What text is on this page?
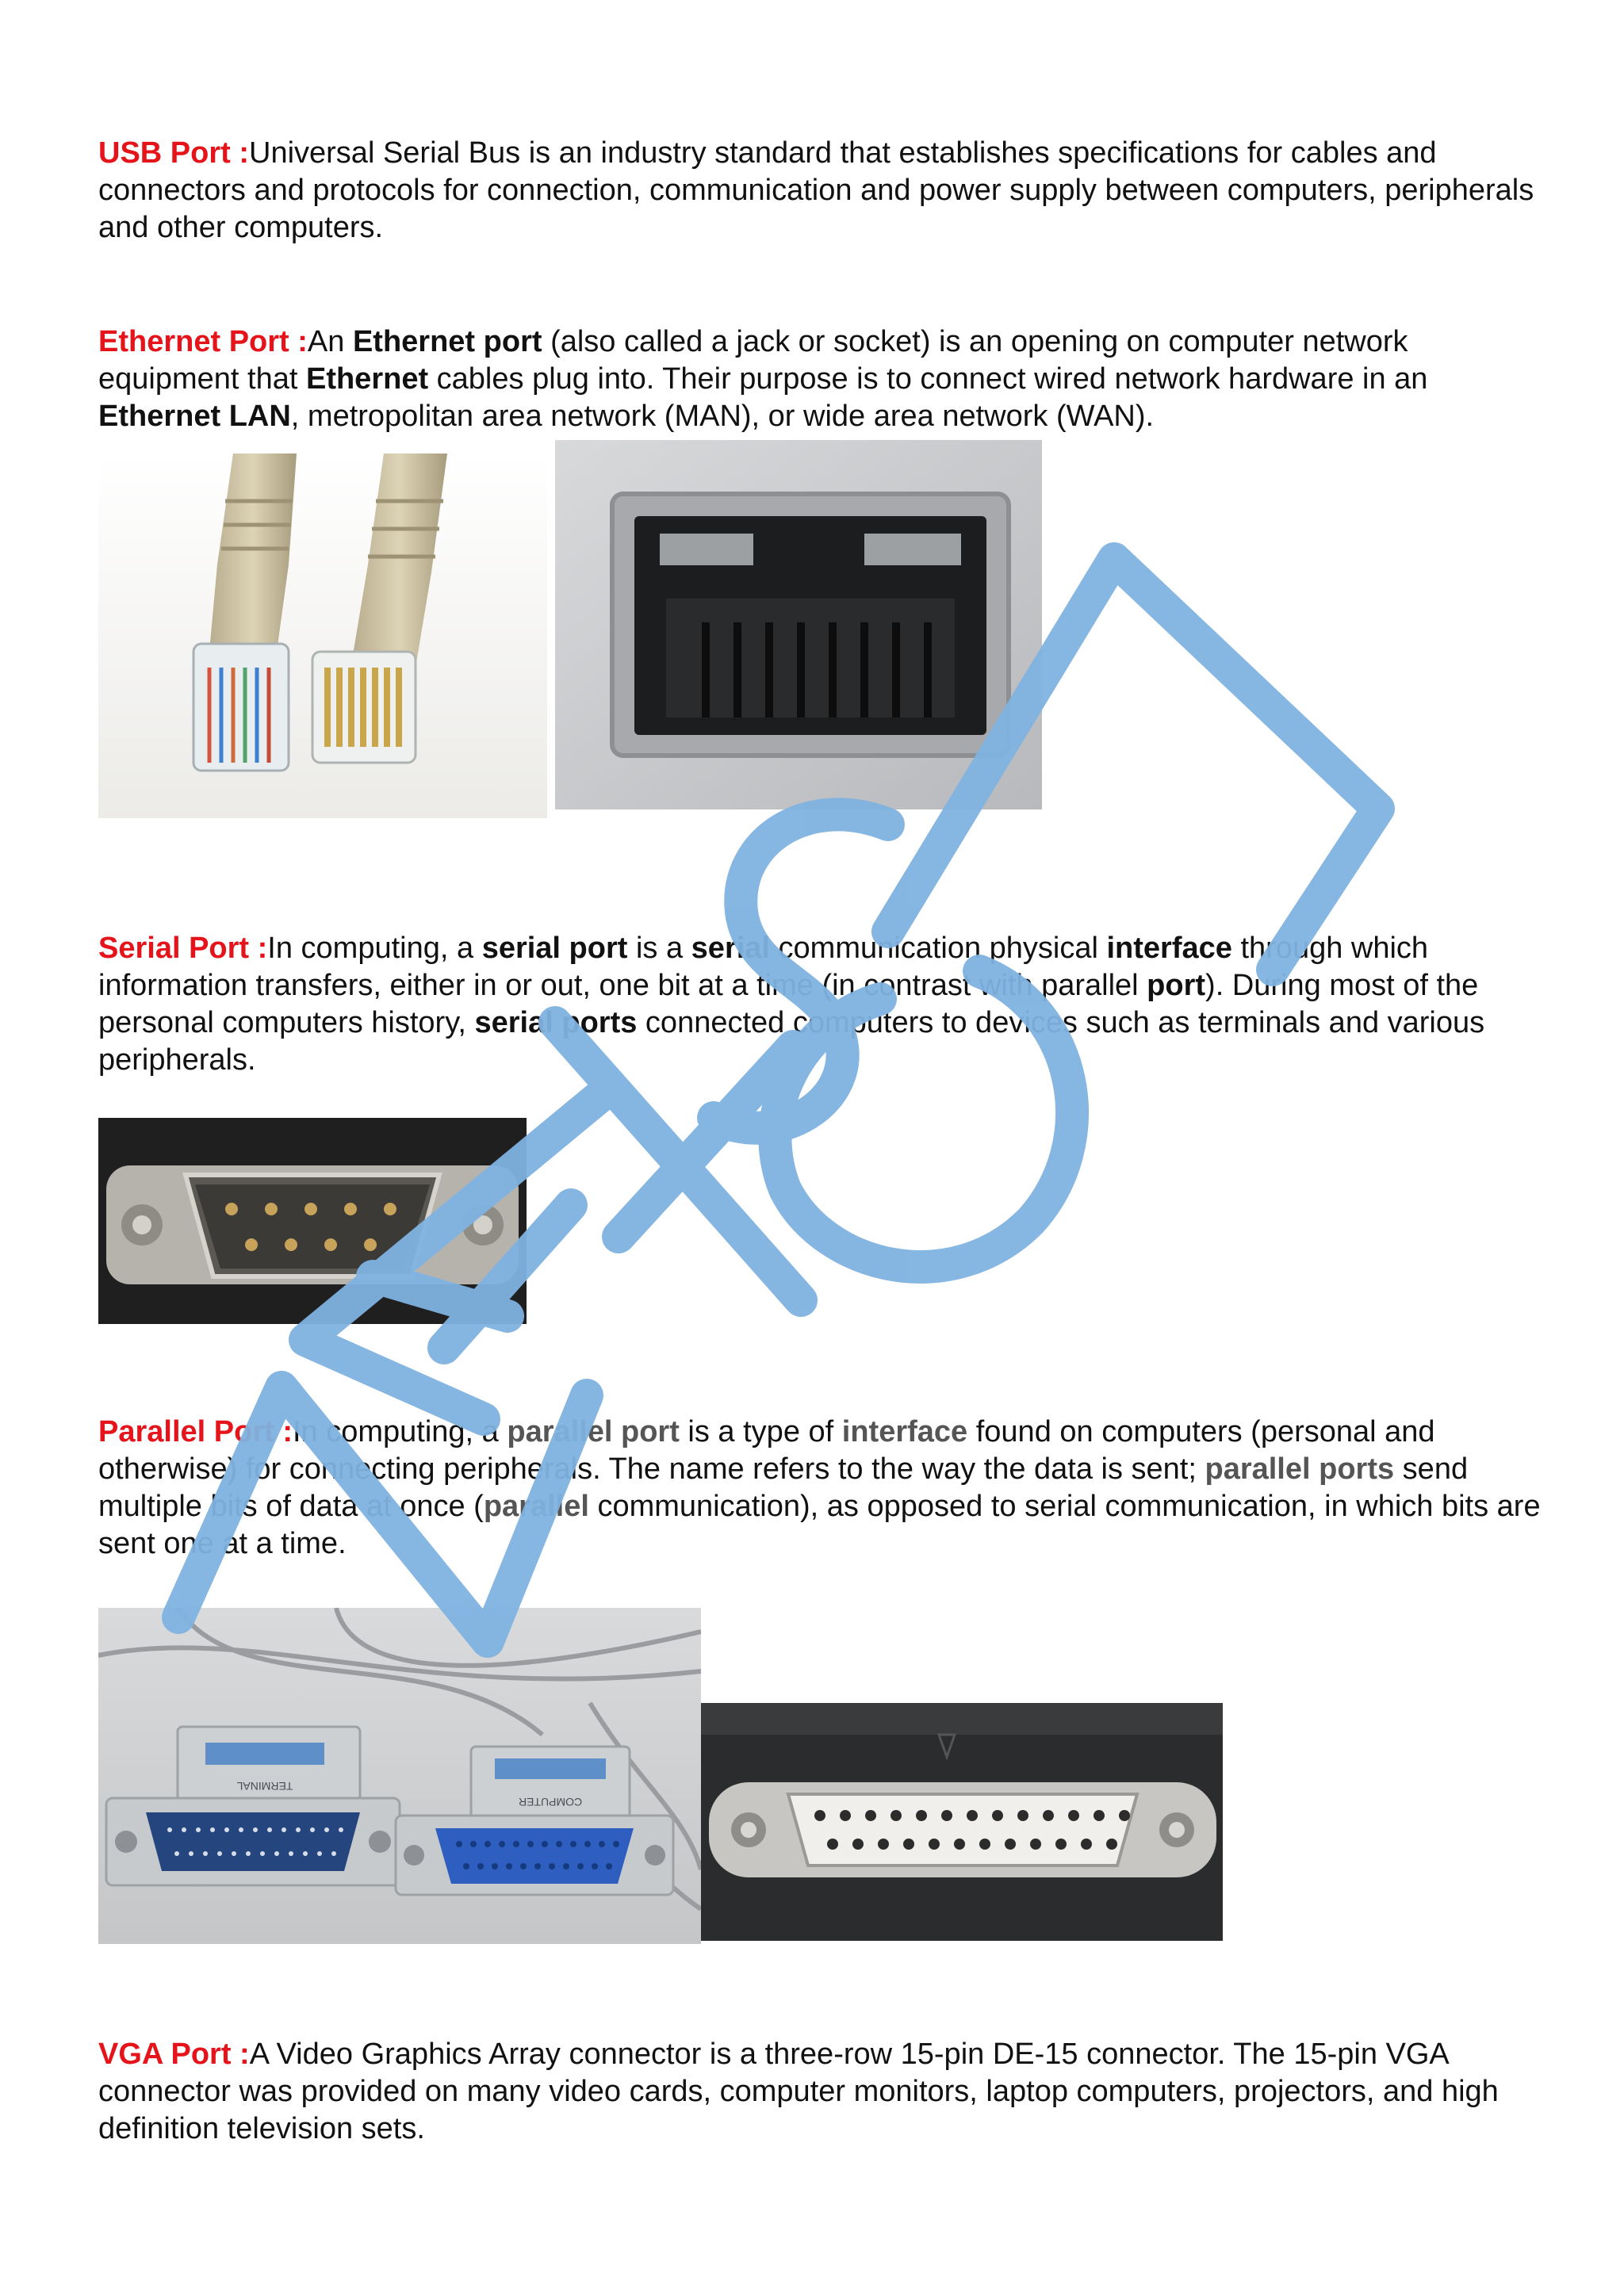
USB Port :Universal Serial Bus is an industry standard that establishes specifications for cables and connectors and protocols for connection, communication and power supply between computers, peripherals and other computers.

Ethernet Port :An Ethernet port (also called a jack or socket) is an opening on computer network equipment that Ethernet cables plug into. Their purpose is to connect wired network hardware in an Ethernet LAN, metropolitan area network (MAN), or wide area network (WAN).

Serial Port :In computing, a serial port is a serial communication physical interface through which information transfers, either in or out, one bit at a time (in contrast with parallel port). During most of the personal computers history, serial ports connected computers to devices such as terminals and various peripherals.

Parallel Port :In computing, a parallel port is a type of interface found on computers (personal and otherwise) for connecting peripherals. The name refers to the way the data is sent; parallel ports send multiple bits of data at once (parallel communication), as opposed to serial communication, in which bits are sent one at a time.

TERMINAL
COMPUTER

VGA Port :A Video Graphics Array connector is a three-row 15-pin DE-15 connector. The 15-pin VGA connector was provided on many video cards, computer monitors, laptop computers, projectors, and high definition television sets.
